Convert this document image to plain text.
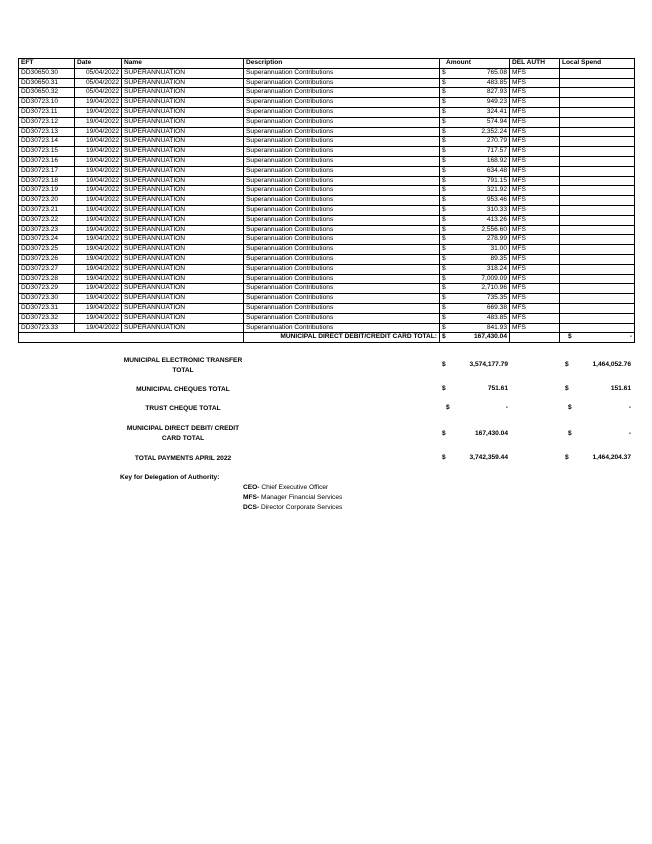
EFT	Date	Name	Description	Amount	DEL AUTH	Local Spend
DD30650.30	05/04/2022	SUPERANNUATION	Superannuation Contributions	$ 765.08	MFS	
DD30650.31	05/04/2022	SUPERANNUATION	Superannuation Contributions	$ 483.85	MFS	
DD30650.32	05/04/2022	SUPERANNUATION	Superannuation Contributions	$ 827.93	MFS	
DD30723.10	19/04/2022	SUPERANNUATION	Superannuation Contributions	$ 949.23	MFS	
DD30723.11	19/04/2022	SUPERANNUATION	Superannuation Contributions	$ 324.41	MFS	
DD30723.12	19/04/2022	SUPERANNUATION	Superannuation Contributions	$ 574.94	MFS	
DD30723.13	19/04/2022	SUPERANNUATION	Superannuation Contributions	$ 2,352.24	MFS	
DD30723.14	19/04/2022	SUPERANNUATION	Superannuation Contributions	$ 270.79	MFS	
DD30723.15	19/04/2022	SUPERANNUATION	Superannuation Contributions	$ 717.57	MFS	
DD30723.16	19/04/2022	SUPERANNUATION	Superannuation Contributions	$ 168.92	MFS	
DD30723.17	19/04/2022	SUPERANNUATION	Superannuation Contributions	$ 634.48	MFS	
DD30723.18	19/04/2022	SUPERANNUATION	Superannuation Contributions	$ 791.15	MFS	
DD30723.19	19/04/2022	SUPERANNUATION	Superannuation Contributions	$ 321.92	MFS	
DD30723.20	19/04/2022	SUPERANNUATION	Superannuation Contributions	$ 953.46	MFS	
DD30723.21	19/04/2022	SUPERANNUATION	Superannuation Contributions	$ 310.33	MFS	
DD30723.22	19/04/2022	SUPERANNUATION	Superannuation Contributions	$ 413.26	MFS	
DD30723.23	19/04/2022	SUPERANNUATION	Superannuation Contributions	$ 2,556.60	MFS	
DD30723.24	19/04/2022	SUPERANNUATION	Superannuation Contributions	$ 278.99	MFS	
DD30723.25	19/04/2022	SUPERANNUATION	Superannuation Contributions	$ 31.00	MFS	
DD30723.26	19/04/2022	SUPERANNUATION	Superannuation Contributions	$ 89.35	MFS	
DD30723.27	19/04/2022	SUPERANNUATION	Superannuation Contributions	$ 318.24	MFS	
DD30723.28	19/04/2022	SUPERANNUATION	Superannuation Contributions	$ 7,009.09	MFS	
DD30723.29	19/04/2022	SUPERANNUATION	Superannuation Contributions	$ 2,710.96	MFS	
DD30723.30	19/04/2022	SUPERANNUATION	Superannuation Contributions	$ 735.35	MFS	
DD30723.31	19/04/2022	SUPERANNUATION	Superannuation Contributions	$ 669.38	MFS	
DD30723.32	19/04/2022	SUPERANNUATION	Superannuation Contributions	$ 483.85	MFS	
DD30723.33	19/04/2022	SUPERANNUATION	Superannuation Contributions	$ 841.93	MFS	
			MUNICIPAL DIRECT DEBIT/CREDIT CARD TOTAL:	$ 167,430.04		$ -
MUNICIPAL ELECTRONIC TRANSFER TOTAL
$	3,574,177.79	$	1,464,052.76
MUNICIPAL CHEQUES TOTAL	$	751.61	$	151.61
TRUST CHEQUE TOTAL	$	-	$	-
MUNICIPAL DIRECT DEBIT/ CREDIT CARD TOTAL
$	167,430.04	$	-
TOTAL PAYMENTS APRIL 2022	$	3,742,359.44	$	1,464,204.37
Key for Delegation of Authority:
CEO- Chief Executive Officer
MFS- Manager Financial Services
DCS- Director Corporate Services
